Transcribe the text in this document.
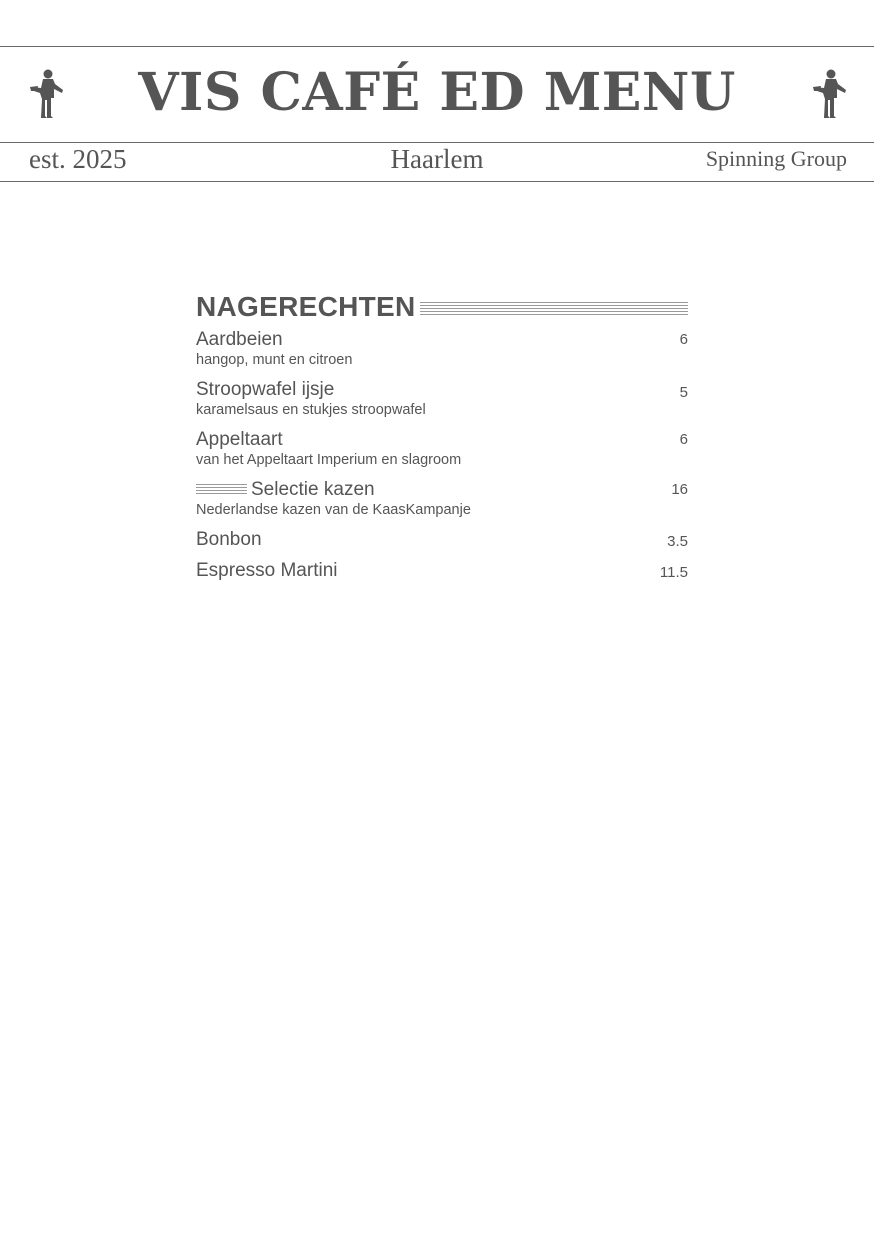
VIS CAFÉ ED MENU
Haarlem
est. 2025	Spinning Group
NAGERECHTEN
Aardbeien
hangop, munt en citroen
6
Stroopwafel ijsje
karamelsaus en stukjes stroopwafel
5
Appeltaart
van het Appeltaart Imperium en slagroom
6
Selectie kazen
Nederlandse kazen van de KaasKampanje
16
Bonbon	3.5
Espresso Martini	11.5
